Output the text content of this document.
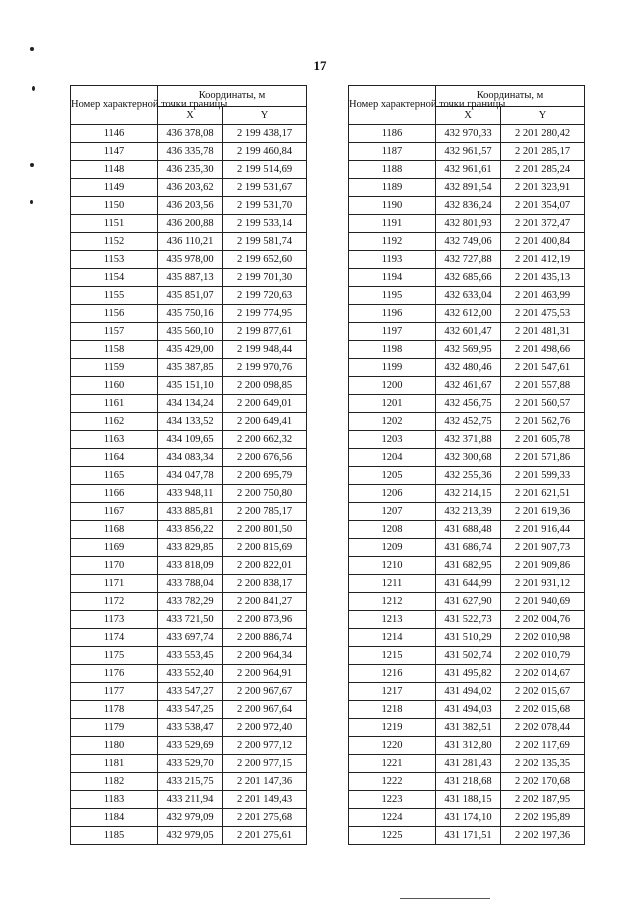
17
Номер характерной точки границы	Координаты, м	
	X	Y
1146	436 378,08	2 199 438,17
1147	436 335,78	2 199 460,84
1148	436 235,30	2 199 514,69
1149	436 203,62	2 199 531,67
1150	436 203,56	2 199 531,70
1151	436 200,88	2 199 533,14
1152	436 110,21	2 199 581,74
1153	435 978,00	2 199 652,60
1154	435 887,13	2 199 701,30
1155	435 851,07	2 199 720,63
1156	435 750,16	2 199 774,95
1157	435 560,10	2 199 877,61
1158	435 429,00	2 199 948,44
1159	435 387,85	2 199 970,76
1160	435 151,10	2 200 098,85
1161	434 134,24	2 200 649,01
1162	434 133,52	2 200 649,41
1163	434 109,65	2 200 662,32
1164	434 083,34	2 200 676,56
1165	434 047,78	2 200 695,79
1166	433 948,11	2 200 750,80
1167	433 885,81	2 200 785,17
1168	433 856,22	2 200 801,50
1169	433 829,85	2 200 815,69
1170	433 818,09	2 200 822,01
1171	433 788,04	2 200 838,17
1172	433 782,29	2 200 841,27
1173	433 721,50	2 200 873,96
1174	433 697,74	2 200 886,74
1175	433 553,45	2 200 964,34
1176	433 552,40	2 200 964,91
1177	433 547,27	2 200 967,67
1178	433 547,25	2 200 967,64
1179	433 538,47	2 200 972,40
1180	433 529,69	2 200 977,12
1181	433 529,70	2 200 977,15
1182	433 215,75	2 201 147,36
1183	433 211,94	2 201 149,43
1184	432 979,09	2 201 275,68
1185	432 979,05	2 201 275,61
Номер характерной точки границы	Координаты, м	
	X	Y
1186	432 970,33	2 201 280,42
1187	432 961,57	2 201 285,17
1188	432 961,61	2 201 285,24
1189	432 891,54	2 201 323,91
1190	432 836,24	2 201 354,07
1191	432 801,93	2 201 372,47
1192	432 749,06	2 201 400,84
1193	432 727,88	2 201 412,19
1194	432 685,66	2 201 435,13
1195	432 633,04	2 201 463,99
1196	432 612,00	2 201 475,53
1197	432 601,47	2 201 481,31
1198	432 569,95	2 201 498,66
1199	432 480,46	2 201 547,61
1200	432 461,67	2 201 557,88
1201	432 456,75	2 201 560,57
1202	432 452,75	2 201 562,76
1203	432 371,88	2 201 605,78
1204	432 300,68	2 201 571,86
1205	432 255,36	2 201 599,33
1206	432 214,15	2 201 621,51
1207	432 213,39	2 201 619,36
1208	431 688,48	2 201 916,44
1209	431 686,74	2 201 907,73
1210	431 682,95	2 201 909,86
1211	431 644,99	2 201 931,12
1212	431 627,90	2 201 940,69
1213	431 522,73	2 202 004,76
1214	431 510,29	2 202 010,98
1215	431 502,74	2 202 010,79
1216	431 495,82	2 202 014,67
1217	431 494,02	2 202 015,67
1218	431 494,03	2 202 015,68
1219	431 382,51	2 202 078,44
1220	431 312,80	2 202 117,69
1221	431 281,43	2 202 135,35
1222	431 218,68	2 202 170,68
1223	431 188,15	2 202 187,95
1224	431 174,10	2 202 195,89
1225	431 171,51	2 202 197,36
